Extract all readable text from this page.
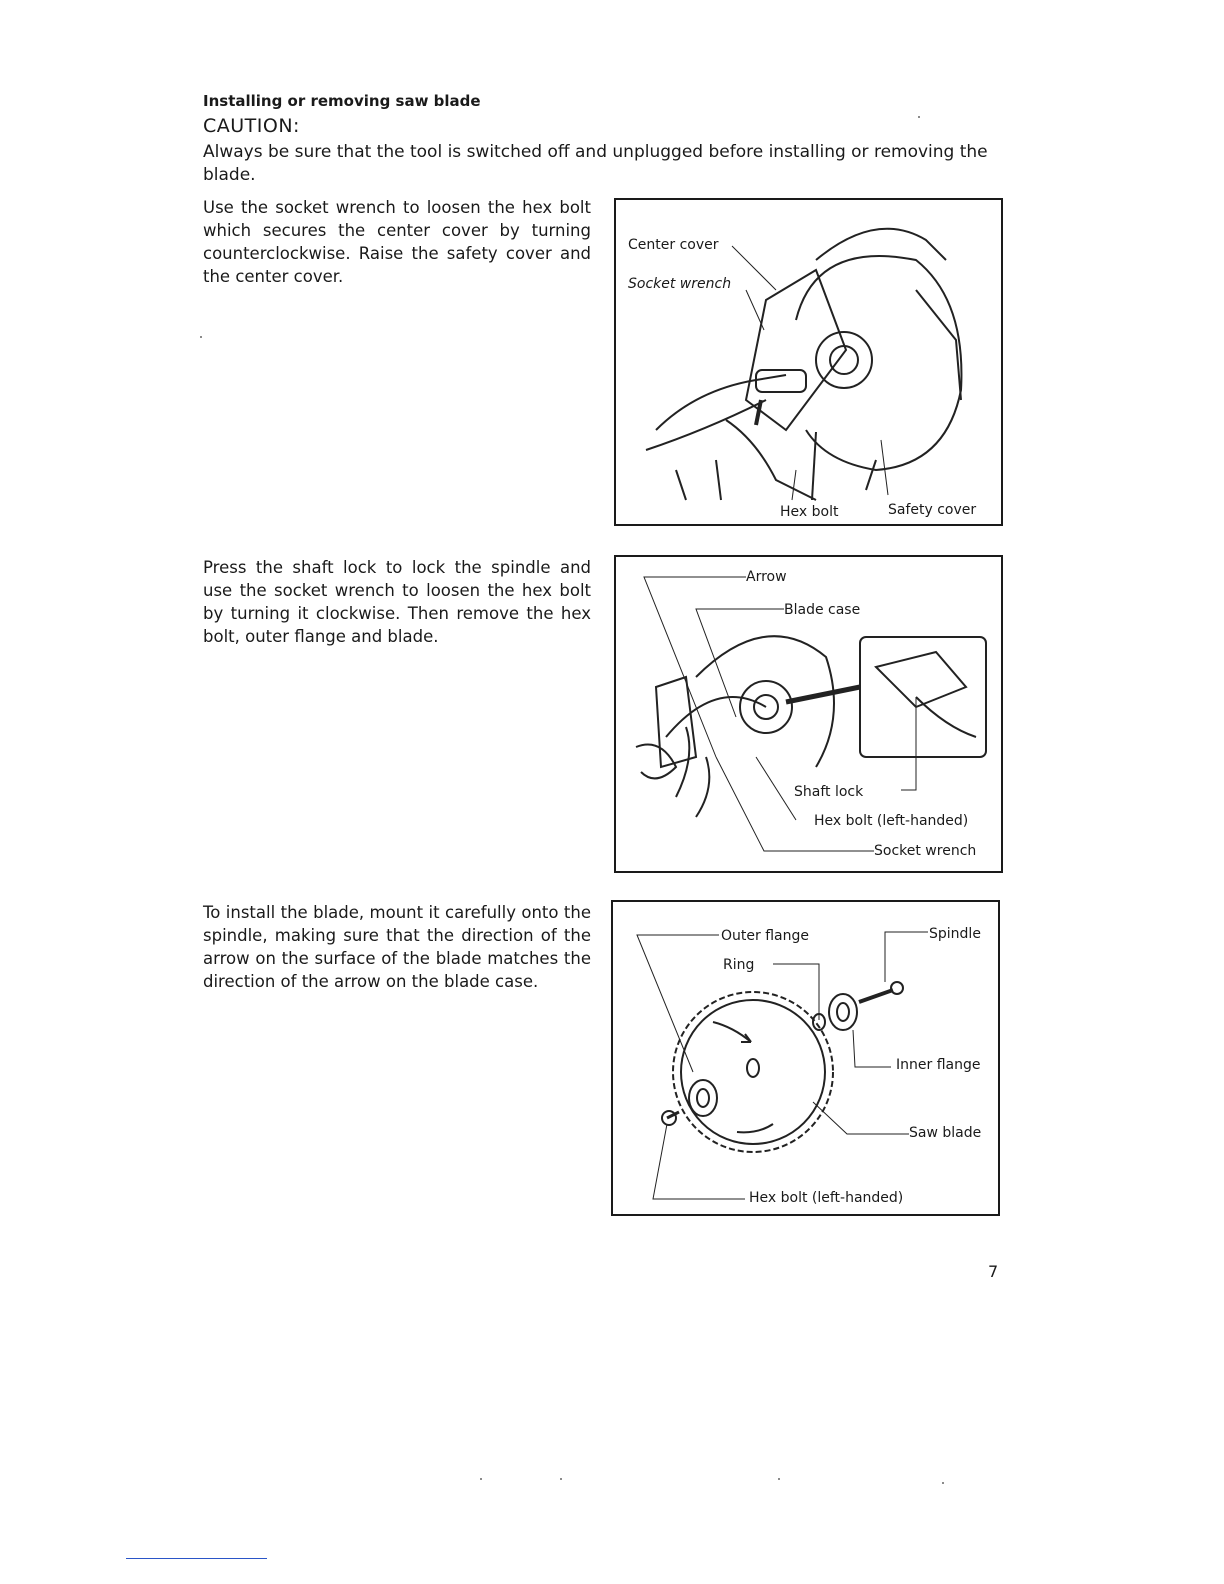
Installing or removing saw blade
CAUTION:
Always be sure that the tool is switched off and unplugged before installing or removing the blade.
Use the socket wrench to loosen the hex bolt which secures the center cover by turning counterclockwise. Raise the safety cover and the center cover.
Center cover
Socket wrench
Hex bolt	Safety cover
Press the shaft lock to lock the spindle and use the socket wrench to loosen the hex bolt by turning it clockwise. Then remove the hex bolt, outer flange and blade.
Arrow
Blade case
Shaft lock
Hex bolt (left-handed)
Socket wrench
To install the blade, mount it carefully onto the spindle, making sure that the direction of the arrow on the surface of the blade matches the direction of the arrow on the blade case.
Outer flange	Spindle
Ring
Inner flange
Saw blade
Hex bolt (left-handed)
7
